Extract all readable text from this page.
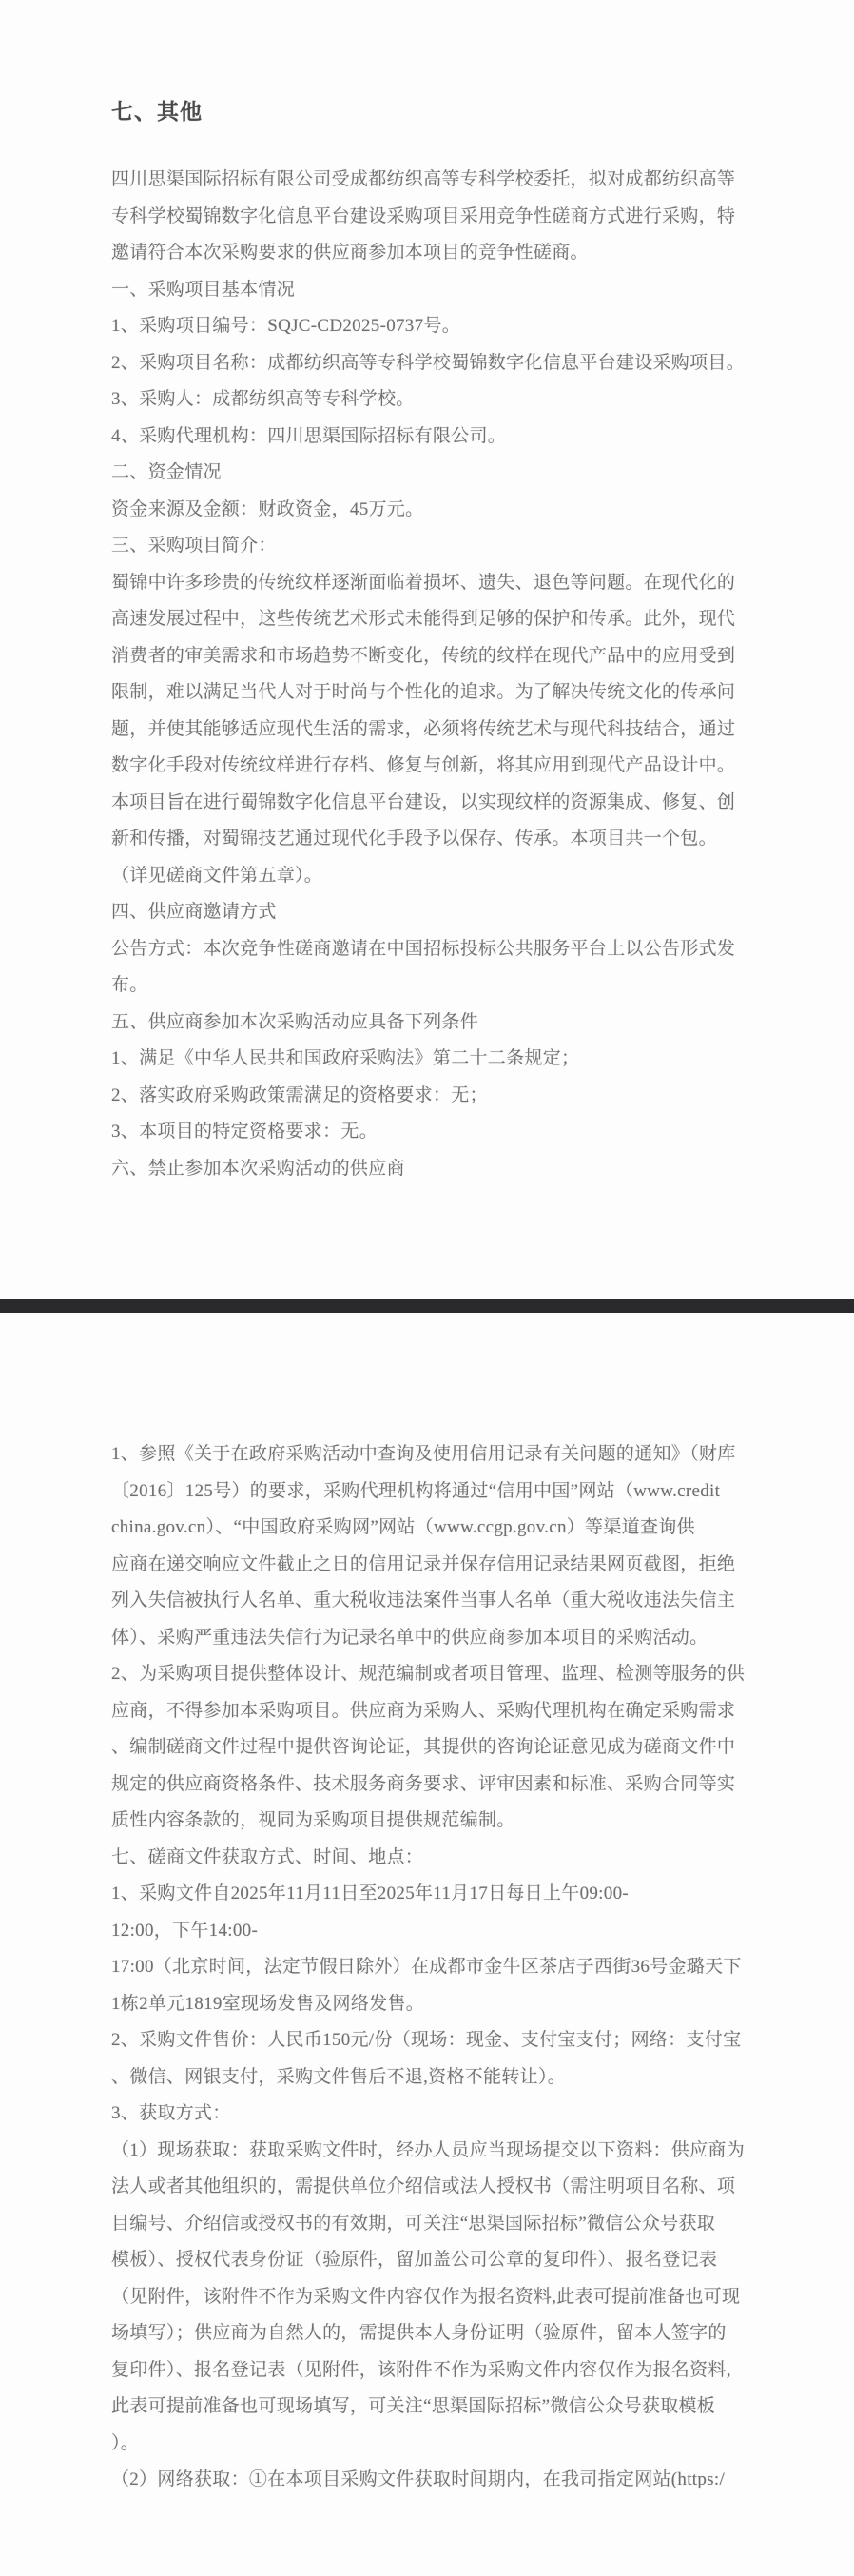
七、其他
四川思渠国际招标有限公司受成都纺织高等专科学校委托，拟对成都纺织高等
专科学校蜀锦数字化信息平台建设采购项目采用竞争性磋商方式进行采购，特
邀请符合本次采购要求的供应商参加本项目的竞争性磋商。
一、采购项目基本情况
1、采购项目编号：SQJC-CD2025-0737号。
2、采购项目名称：成都纺织高等专科学校蜀锦数字化信息平台建设采购项目。
3、采购人：成都纺织高等专科学校。
4、采购代理机构：四川思渠国际招标有限公司。
二、资金情况
资金来源及金额：财政资金，45万元。
三、采购项目简介：
蜀锦中许多珍贵的传统纹样逐渐面临着损坏、遗失、退色等问题。在现代化的
高速发展过程中，这些传统艺术形式未能得到足够的保护和传承。此外，现代
消费者的审美需求和市场趋势不断变化，传统的纹样在现代产品中的应用受到
限制，难以满足当代人对于时尚与个性化的追求。为了解决传统文化的传承问
题，并使其能够适应现代生活的需求，必须将传统艺术与现代科技结合，通过
数字化手段对传统纹样进行存档、修复与创新，将其应用到现代产品设计中。
本项目旨在进行蜀锦数字化信息平台建设，以实现纹样的资源集成、修复、创
新和传播，对蜀锦技艺通过现代化手段予以保存、传承。本项目共一个包。
（详见磋商文件第五章）。
四、供应商邀请方式
公告方式：本次竞争性磋商邀请在中国招标投标公共服务平台上以公告形式发
布。
五、供应商参加本次采购活动应具备下列条件
1、满足《中华人民共和国政府采购法》第二十二条规定；
2、落实政府采购政策需满足的资格要求：无；
3、本项目的特定资格要求：无。
六、禁止参加本次采购活动的供应商
1、参照《关于在政府采购活动中查询及使用信用记录有关问题的通知》（财库
〔2016〕125号）的要求，采购代理机构将通过“信用中国”网站（www.credit
china.gov.cn）、“中国政府采购网”网站（www.ccgp.gov.cn）等渠道查询供
应商在递交响应文件截止之日的信用记录并保存信用记录结果网页截图，拒绝
列入失信被执行人名单、重大税收违法案件当事人名单（重大税收违法失信主
体）、采购严重违法失信行为记录名单中的供应商参加本项目的采购活动。
2、为采购项目提供整体设计、规范编制或者项目管理、监理、检测等服务的供
应商，不得参加本采购项目。供应商为采购人、采购代理机构在确定采购需求
、编制磋商文件过程中提供咨询论证，其提供的咨询论证意见成为磋商文件中
规定的供应商资格条件、技术服务商务要求、评审因素和标准、采购合同等实
质性内容条款的，视同为采购项目提供规范编制。
七、磋商文件获取方式、时间、地点：
1、采购文件自2025年11月11日至2025年11月17日每日上午09:00-
12:00，下午14:00-
17:00（北京时间，法定节假日除外）在成都市金牛区茶店子西街36号金璐天下
1栋2单元1819室现场发售及网络发售。
2、采购文件售价：人民币150元/份（现场：现金、支付宝支付；网络：支付宝
、微信、网银支付，采购文件售后不退,资格不能转让）。
3、获取方式：
（1）现场获取：获取采购文件时，经办人员应当现场提交以下资料：供应商为
法人或者其他组织的，需提供单位介绍信或法人授权书（需注明项目名称、项
目编号、介绍信或授权书的有效期，可关注“思渠国际招标”微信公众号获取
模板）、授权代表身份证（验原件，留加盖公司公章的复印件）、报名登记表
（见附件，该附件不作为采购文件内容仅作为报名资料,此表可提前准备也可现
场填写）；供应商为自然人的，需提供本人身份证明（验原件，留本人签字的
复印件）、报名登记表（见附件，该附件不作为采购文件内容仅作为报名资料,
此表可提前准备也可现场填写，可关注“思渠国际招标”微信公众号获取模板
）。
（2）网络获取：①在本项目采购文件获取时间期内，在我司指定网站(https:/
